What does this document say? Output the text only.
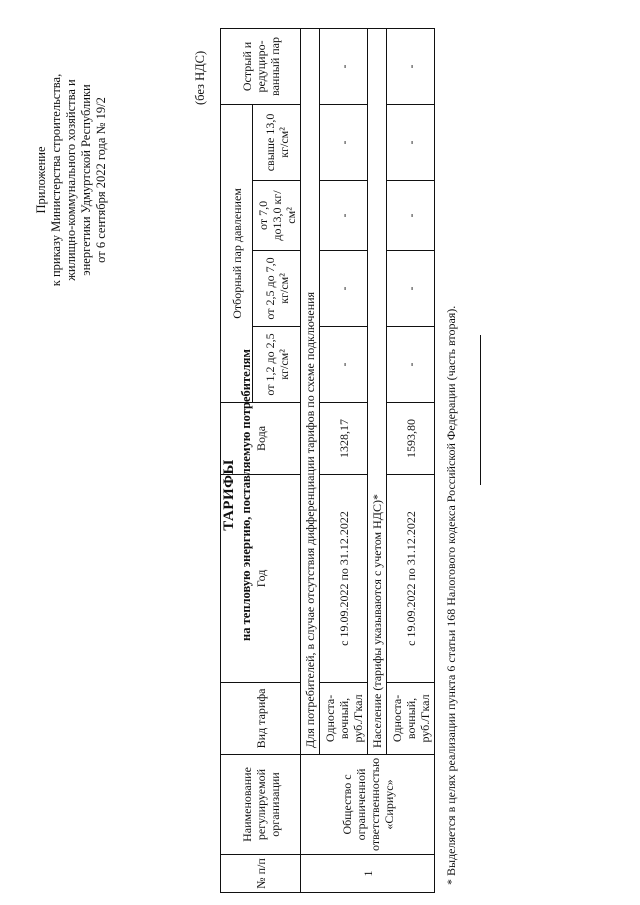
Приложение к приказу Министерства строительства, жилищно-коммунального хозяйства и энергетики Удмуртской Республики от 6 сентября 2022 года № 19/2
ТАРИФЫ на тепловую энергию, поставляемую потребителям
(без НДС)
№ п/п	Наименование регулируемой организации	Вид тарифа	Год	Вода	Отборный пар давлением				Острый и редуциро- ванный пар
					от 1,2 до 2,5 кг/см²	от 2,5 до 7,0 кг/см²	от 7,0 до13,0 кг/см²	свыше 13,0 кг/см²	
1	Общество с ограниченной ответственностью «Сириус»	Для потребителей, в случае отсутствия дифференциации тарифов по схеме подключения							
		Односта- вочный, руб./Гкал	с 19.09.2022 по 31.12.2022	1328,17	-	-	-	-	-
		Население (тарифы указываются с учетом НДС)*							
		Односта- вочный, руб./Гкал	с 19.09.2022 по 31.12.2022	1593,80	-	-	-	-	-
* Выделяется в целях реализации пункта 6 статьи 168 Налогового кодекса Российской Федерации (часть вторая).
